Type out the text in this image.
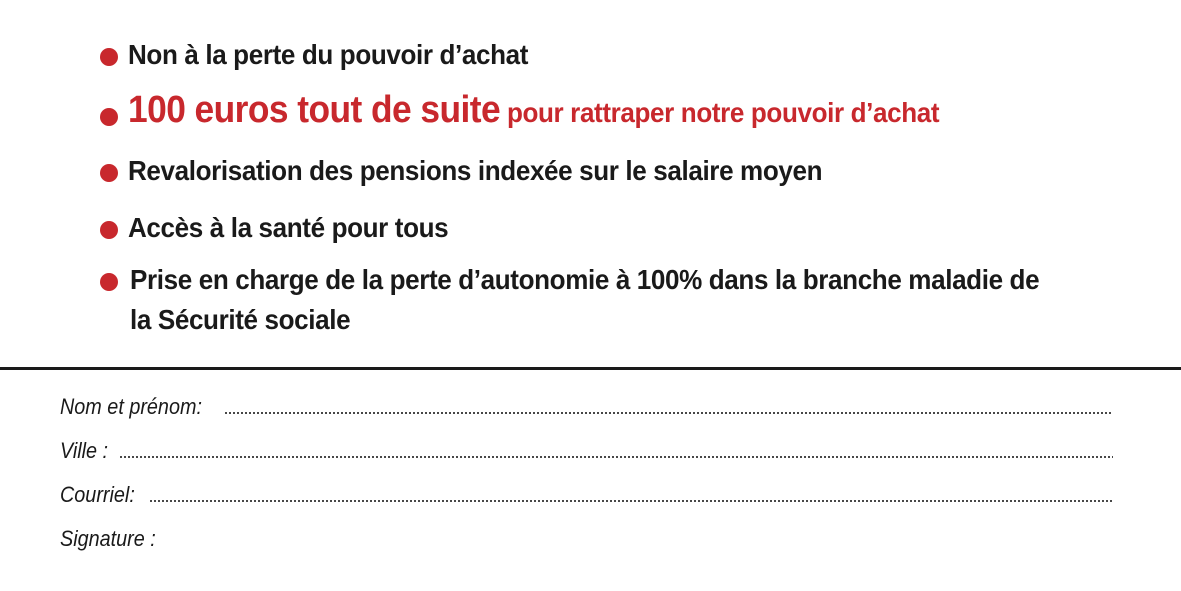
Non à la perte du pouvoir d’achat
100 euros tout de suite pour rattraper notre pouvoir d’achat
Revalorisation des pensions indexée sur le salaire moyen
Accès à la santé pour tous
Prise en charge de la perte d’autonomie à 100% dans la branche maladie de la Sécurité sociale
Nom et prénom:
Ville :
Courriel:
Signature :
